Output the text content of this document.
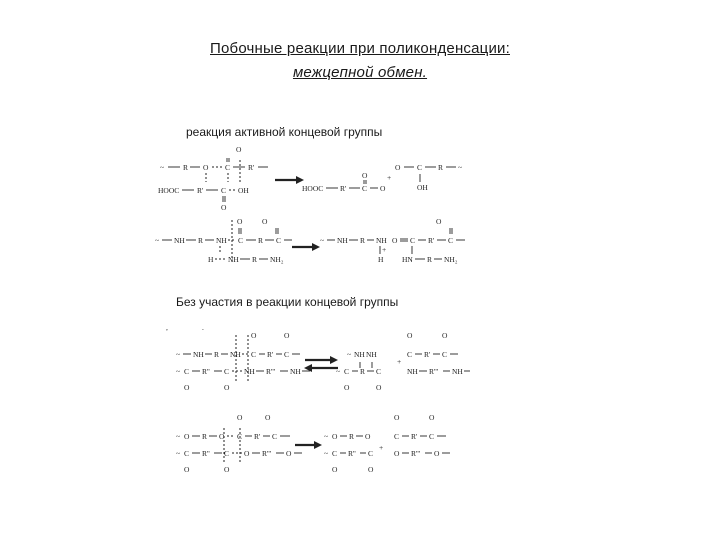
Побочные реакции при поликонденсации:
межцепной обмен.
реакция активной концевой группы
Без участия в реакции концевой группы
~	R O C R'
O
HOOC R' C OH
O
HOOC R' C O
O	+
O C R ~
OH
~ NH R NH C R C
O	O
H NH R NH₂
~ NH R NH
H
+
O C R' C
O
HN R NH₂
,	.
~ NH R NH C R' C
O	O
~ C R'' C NH R''' NH
O	O
~ NH NH
~ C R C
O	O
+
C R' C
O	O
NH R''' NH
~ O R O C R' C
O	O
~ C R'' C O R''' O
O	O
~ O R O
~ C R'' C
O	O
+
C R' C
O	O
O R''' O
